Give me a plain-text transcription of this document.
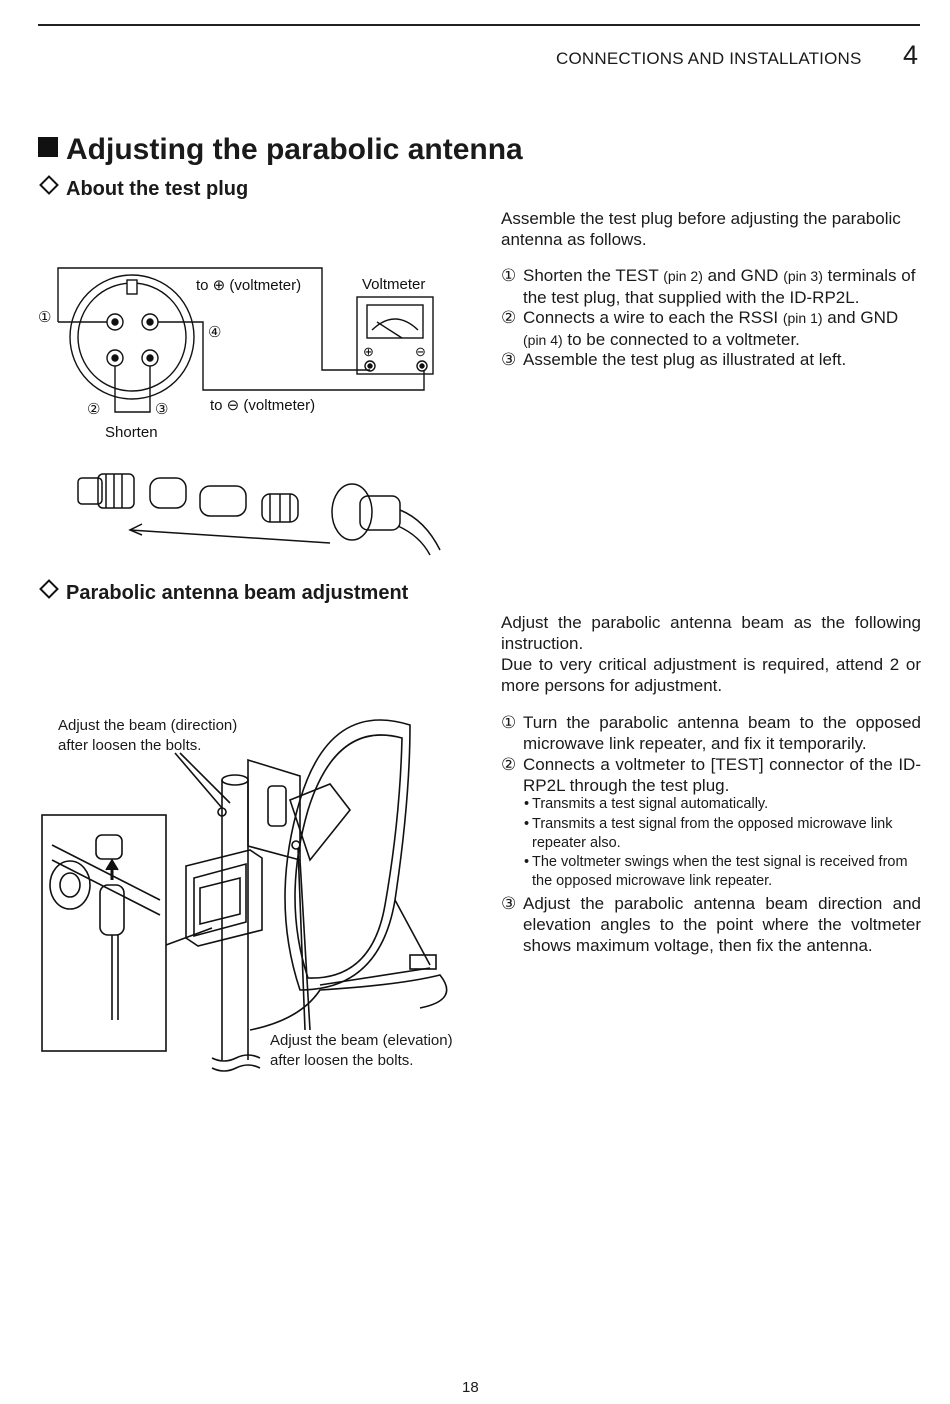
CONNECTIONS AND INSTALLATIONS 4
Adjusting the parabolic antenna
About the test plug
Assemble the test plug before adjusting the parabolic antenna as follows.
① Shorten the TEST (pin 2) and GND (pin 3) terminals of the test plug, that supplied with the ID-RP2L.
② Connects a wire to each the RSSI (pin 1) and GND (pin 4) to be connected to a voltmeter.
③ Assemble the test plug as illustrated at left.
①
④
②	③
to ⊕ (voltmeter)
to ⊖ (voltmeter)
Voltmeter
Shorten
⊕	⊖
Parabolic antenna beam adjustment
Adjust the parabolic antenna beam as the following instruction.
Due to very critical adjustment is required, attend 2 or more persons for adjustment.
① Turn the parabolic antenna beam to the opposed microwave link repeater, and fix it temporarily.
② Connects a voltmeter to [TEST] connector of the ID-RP2L through the test plug.
• Transmits a test signal automatically.
• Transmits a test signal from the opposed microwave link repeater also.
• The voltmeter swings when the test signal is received from the opposed microwave link repeater.
③ Adjust the parabolic antenna beam direction and elevation angles to the point where the voltmeter shows maximum voltage, then fix the antenna.
Adjust the beam (direction)
after loosen the bolts.
Adjust the beam (elevation)
after loosen the bolts.
18
